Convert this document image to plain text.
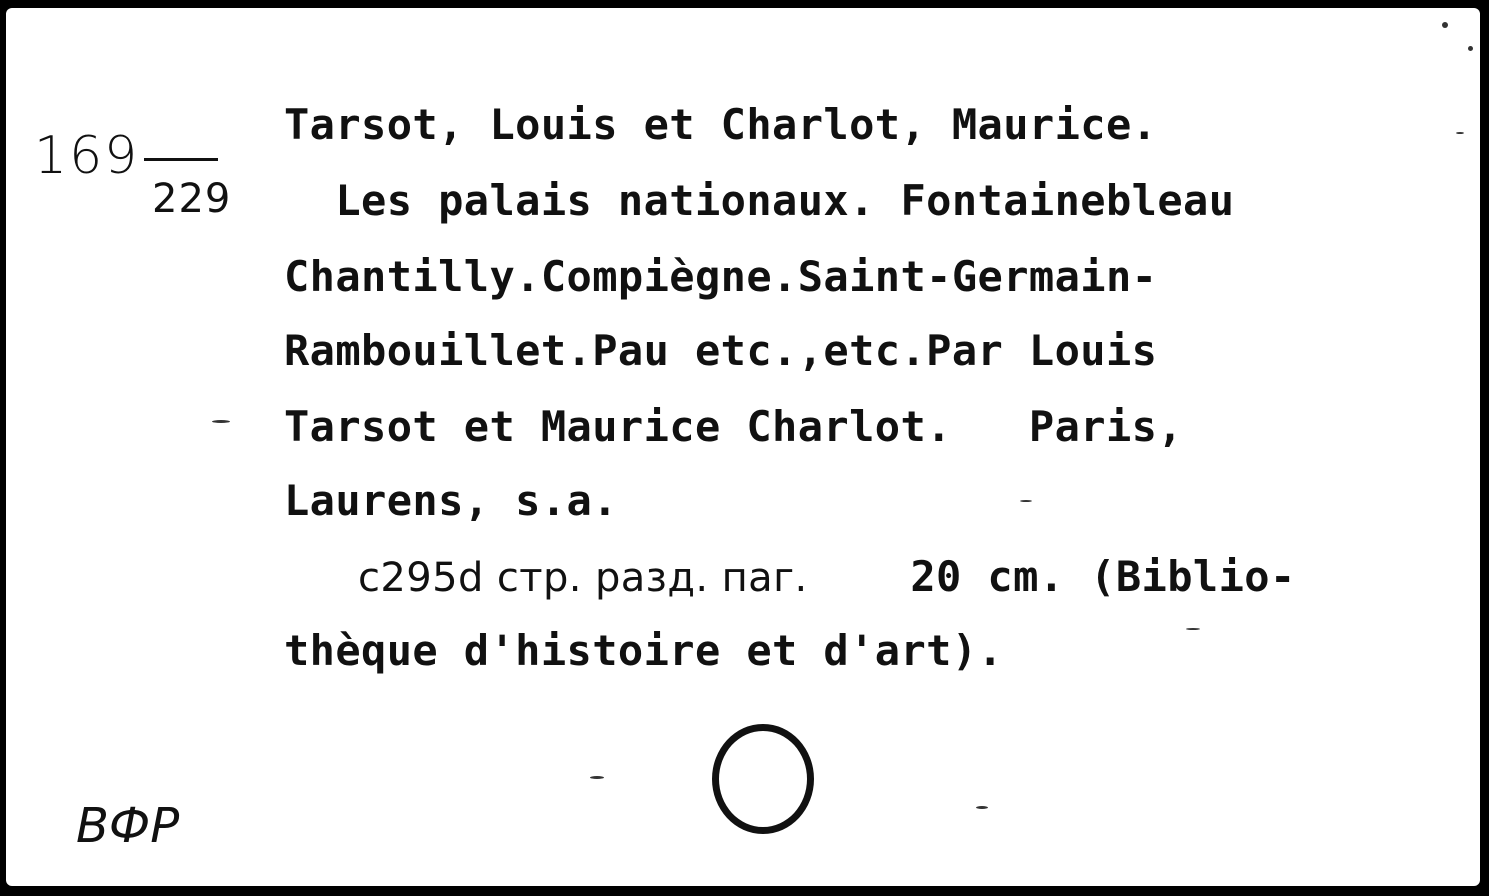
169
229
Tarsot, Louis et Charlot, Maurice.
Les palais nationaux. Fontainebleau
Chantilly.Compiègne.Saint-Germain-
Rambouillet.Pau etc.,etc.Par Louis
Tarsot et Maurice Charlot.   Paris,
Laurens, s.a.
ⅽ295ⅾ стр. разд. паг.    20 cm. (Biblio-
thèque d'histoire et d'art).
ВФР
